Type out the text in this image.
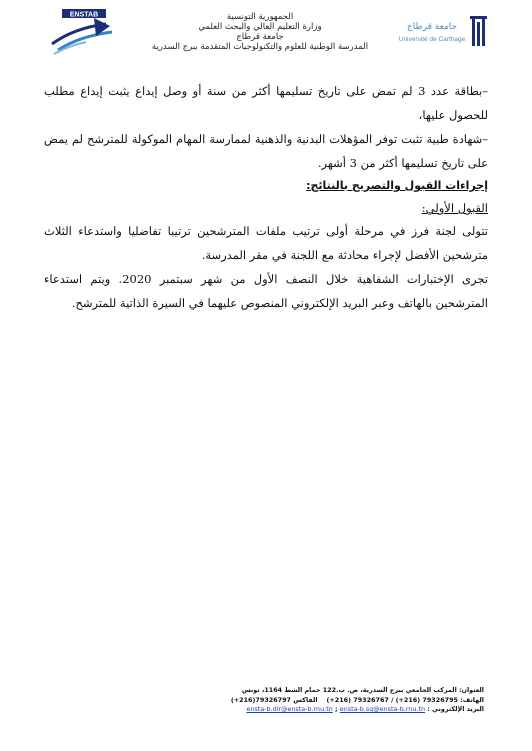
ENSTAB	الجمهورية التونسية
وزارة التعليم العالي والبحث العلمي
جامعة قرطاج
المدرسة الوطنية للعلوم والتكنولوجيات المتقدمة ببرج السدرية
جامعة قرطاج
Université de Carthage
–بطاقة عدد 3 لم تمض على تاريخ تسليمها أكثر من سنة أو وصل إيداع يثبت إيداع مطلب للحصول عليها،
–شهادة طبية تثبت توفر المؤهلات البدنية والذهنية لممارسة المهام الموكولة للمترشح لم يمض على تاريخ تسليمها أكثر من 3 أشهر.
إجراءات القبول والتصريح بالنتائج:
القبول الأولي:
تتولى لجنة فرز في مرحلة أولى ترتيب ملفات المترشحين ترتيبا تفاضليا واستدعاء الثلاث مترشحين الأفضل لإجراء محادثة مع اللجنة في مقر المدرسة.
تجرى الإختبارات الشفاهية خلال النصف الأول من شهر سبتمبر 2020. ويتم استدعاء المترشحين بالهاتف وعبر البريد الإلكتروني المنصوص عليهما في السيرة الذاتية للمترشح.
العنوان: المركب الجامعي ببرج السدرية، ص. ب.122 حمام الشط 1164، تونس
الهاتف: 79326795 (216+) / 79326767 (216+)    الفاكس (+216)79326797
البريد الإلكتروني : ensta-b.dir@ensta-b.rnu.tn ; ensta-b.sg@ensta-b.rnu.tn
